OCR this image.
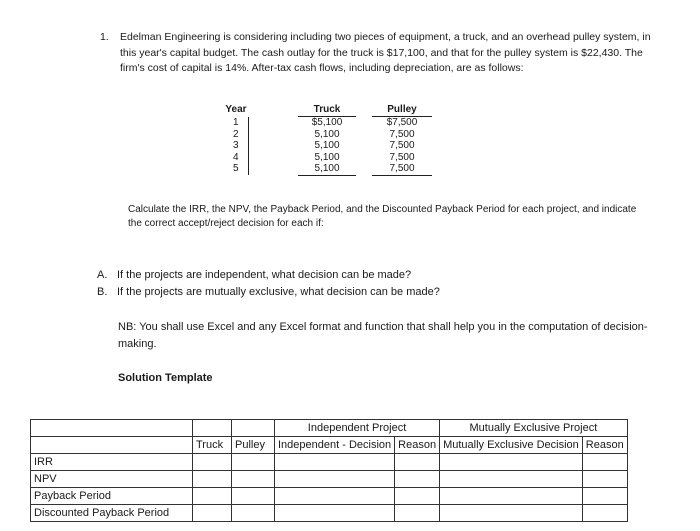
1. Edelman Engineering is considering including two pieces of equipment, a truck, and an overhead pulley system, in this year's capital budget. The cash outlay for the truck is $17,100, and that for the pulley system is $22,430. The firm's cost of capital is 14%. After-tax cash flows, including depreciation, are as follows:
Year		Truck		Pulley
1		$5,100		$7,500
2		5,100		7,500
3		5,100		7,500
4		5,100		7,500
5		5,100		7,500
Calculate the IRR, the NPV, the Payback Period, and the Discounted Payback Period for each project, and indicate the correct accept/reject decision for each if:
A. If the projects are independent, what decision can be made?
B. If the projects are mutually exclusive, what decision can be made?
NB: You shall use Excel and any Excel format and function that shall help you in the computation of decision-making.
Solution Template
			Independent Project		Mutually Exclusive Project	
	Truck	Pulley	Independent - Decision	Reason	Mutually Exclusive Decision	Reason
IRR						
NPV						
Payback Period						
Discounted Payback Period						
